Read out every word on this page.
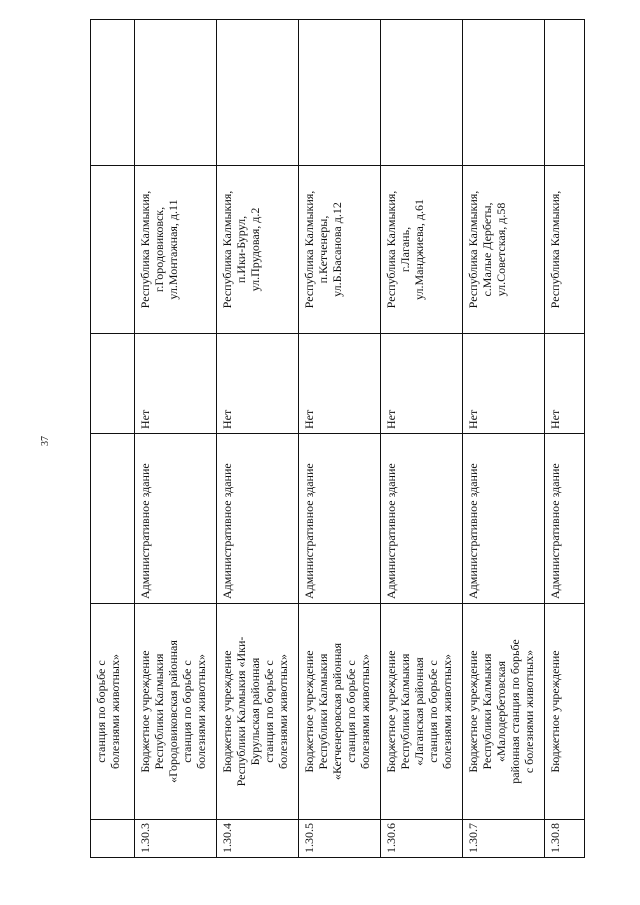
37

	станция по борьбе с болезнями животных»				

1.30.3	Бюджетное учреждение Республики Калмыкия «Городовиковская районная станция по борьбе с болезнями животных»	Административное здание	Нет	Республика Калмыкия, г.Городовиковск, ул.Монтажная, д.11	

1.30.4	Бюджетное учреждение Республики Калмыкия «Ики- Бурульская районная станция по борьбе с болезнями животных»	Административное здание	Нет	Республика Калмыкия, п.Ики-Бурул, ул.Прудовая, д.2	

1.30.5	Бюджетное учреждение Республики Калмыкия «Кетченеровская районная станция по борьбе с болезнями животных»	Административное здание	Нет	Республика Калмыкия, п.Кетченеры, ул.Б.Басанова д.12	

1.30.6	Бюджетное учреждение Республики Калмыкия «Лаганская районная станция по борьбе с болезнями животных»	Административное здание	Нет	Республика Калмыкия, г.Лагань, ул.Манджиева, д.61	

1.30.7	Бюджетное учреждение Республики Калмыкия «Малодербетовская районная станция по борьбе с болезнями животных»	Административное здание	Нет	Республика Калмыкия, с.Малые Дербеты, ул.Советская, д.58	

1.30.8	Бюджетное учреждение	Административное здание	Нет	Республика Калмыкия,	
